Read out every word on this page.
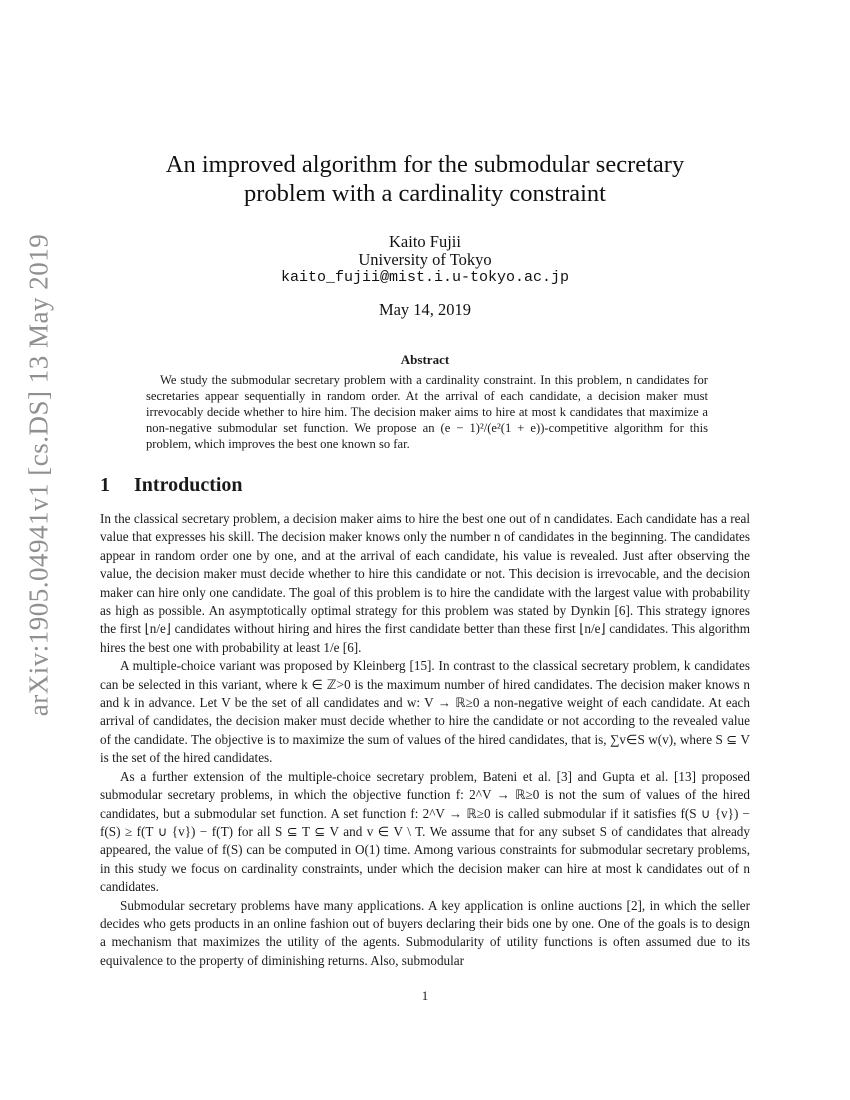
arXiv:1905.04941v1 [cs.DS] 13 May 2019
An improved algorithm for the submodular secretary
problem with a cardinality constraint
Kaito Fujii
University of Tokyo
kaito_fujii@mist.i.u-tokyo.ac.jp
May 14, 2019
Abstract
We study the submodular secretary problem with a cardinality constraint. In this problem, n candidates for secretaries appear sequentially in random order. At the arrival of each candidate, a decision maker must irrevocably decide whether to hire him. The decision maker aims to hire at most k candidates that maximize a non-negative submodular set function. We propose an (e − 1)²/(e²(1 + e))-competitive algorithm for this problem, which improves the best one known so far.
1 Introduction

In the classical secretary problem, a decision maker aims to hire the best one out of n candidates. Each candidate has a real value that expresses his skill. The decision maker knows only the number n of candidates in the beginning. The candidates appear in random order one by one, and at the arrival of each candidate, his value is revealed. Just after observing the value, the decision maker must decide whether to hire this candidate or not. This decision is irrevocable, and the decision maker can hire only one candidate. The goal of this problem is to hire the candidate with the largest value with probability as high as possible. An asymptotically optimal strategy for this problem was stated by Dynkin [6]. This strategy ignores the first ⌊n/e⌋ candidates without hiring and hires the first candidate better than these first ⌊n/e⌋ candidates. This algorithm hires the best one with probability at least 1/e [6].

A multiple-choice variant was proposed by Kleinberg [15]. In contrast to the classical secretary problem, k candidates can be selected in this variant, where k ∈ ℤ>0 is the maximum number of hired candidates. The decision maker knows n and k in advance. Let V be the set of all candidates and w: V → ℝ≥0 a non-negative weight of each candidate. At each arrival of candidates, the decision maker must decide whether to hire the candidate or not according to the revealed value of the candidate. The objective is to maximize the sum of values of the hired candidates, that is, ∑v∈S w(v), where S ⊆ V is the set of the hired candidates.

As a further extension of the multiple-choice secretary problem, Bateni et al. [3] and Gupta et al. [13] proposed submodular secretary problems, in which the objective function f: 2^V → ℝ≥0 is not the sum of values of the hired candidates, but a submodular set function. A set function f: 2^V → ℝ≥0 is called submodular if it satisfies f(S ∪ {v}) − f(S) ≥ f(T ∪ {v}) − f(T) for all S ⊆ T ⊆ V and v ∈ V \ T. We assume that for any subset S of candidates that already appeared, the value of f(S) can be computed in O(1) time. Among various constraints for submodular secretary problems, in this study we focus on cardinality constraints, under which the decision maker can hire at most k candidates out of n candidates.

Submodular secretary problems have many applications. A key application is online auctions [2], in which the seller decides who gets products in an online fashion out of buyers declaring their bids one by one. One of the goals is to design a mechanism that maximizes the utility of the agents. Submodularity of utility functions is often assumed due to its equivalence to the property of diminishing returns. Also, submodular

1
